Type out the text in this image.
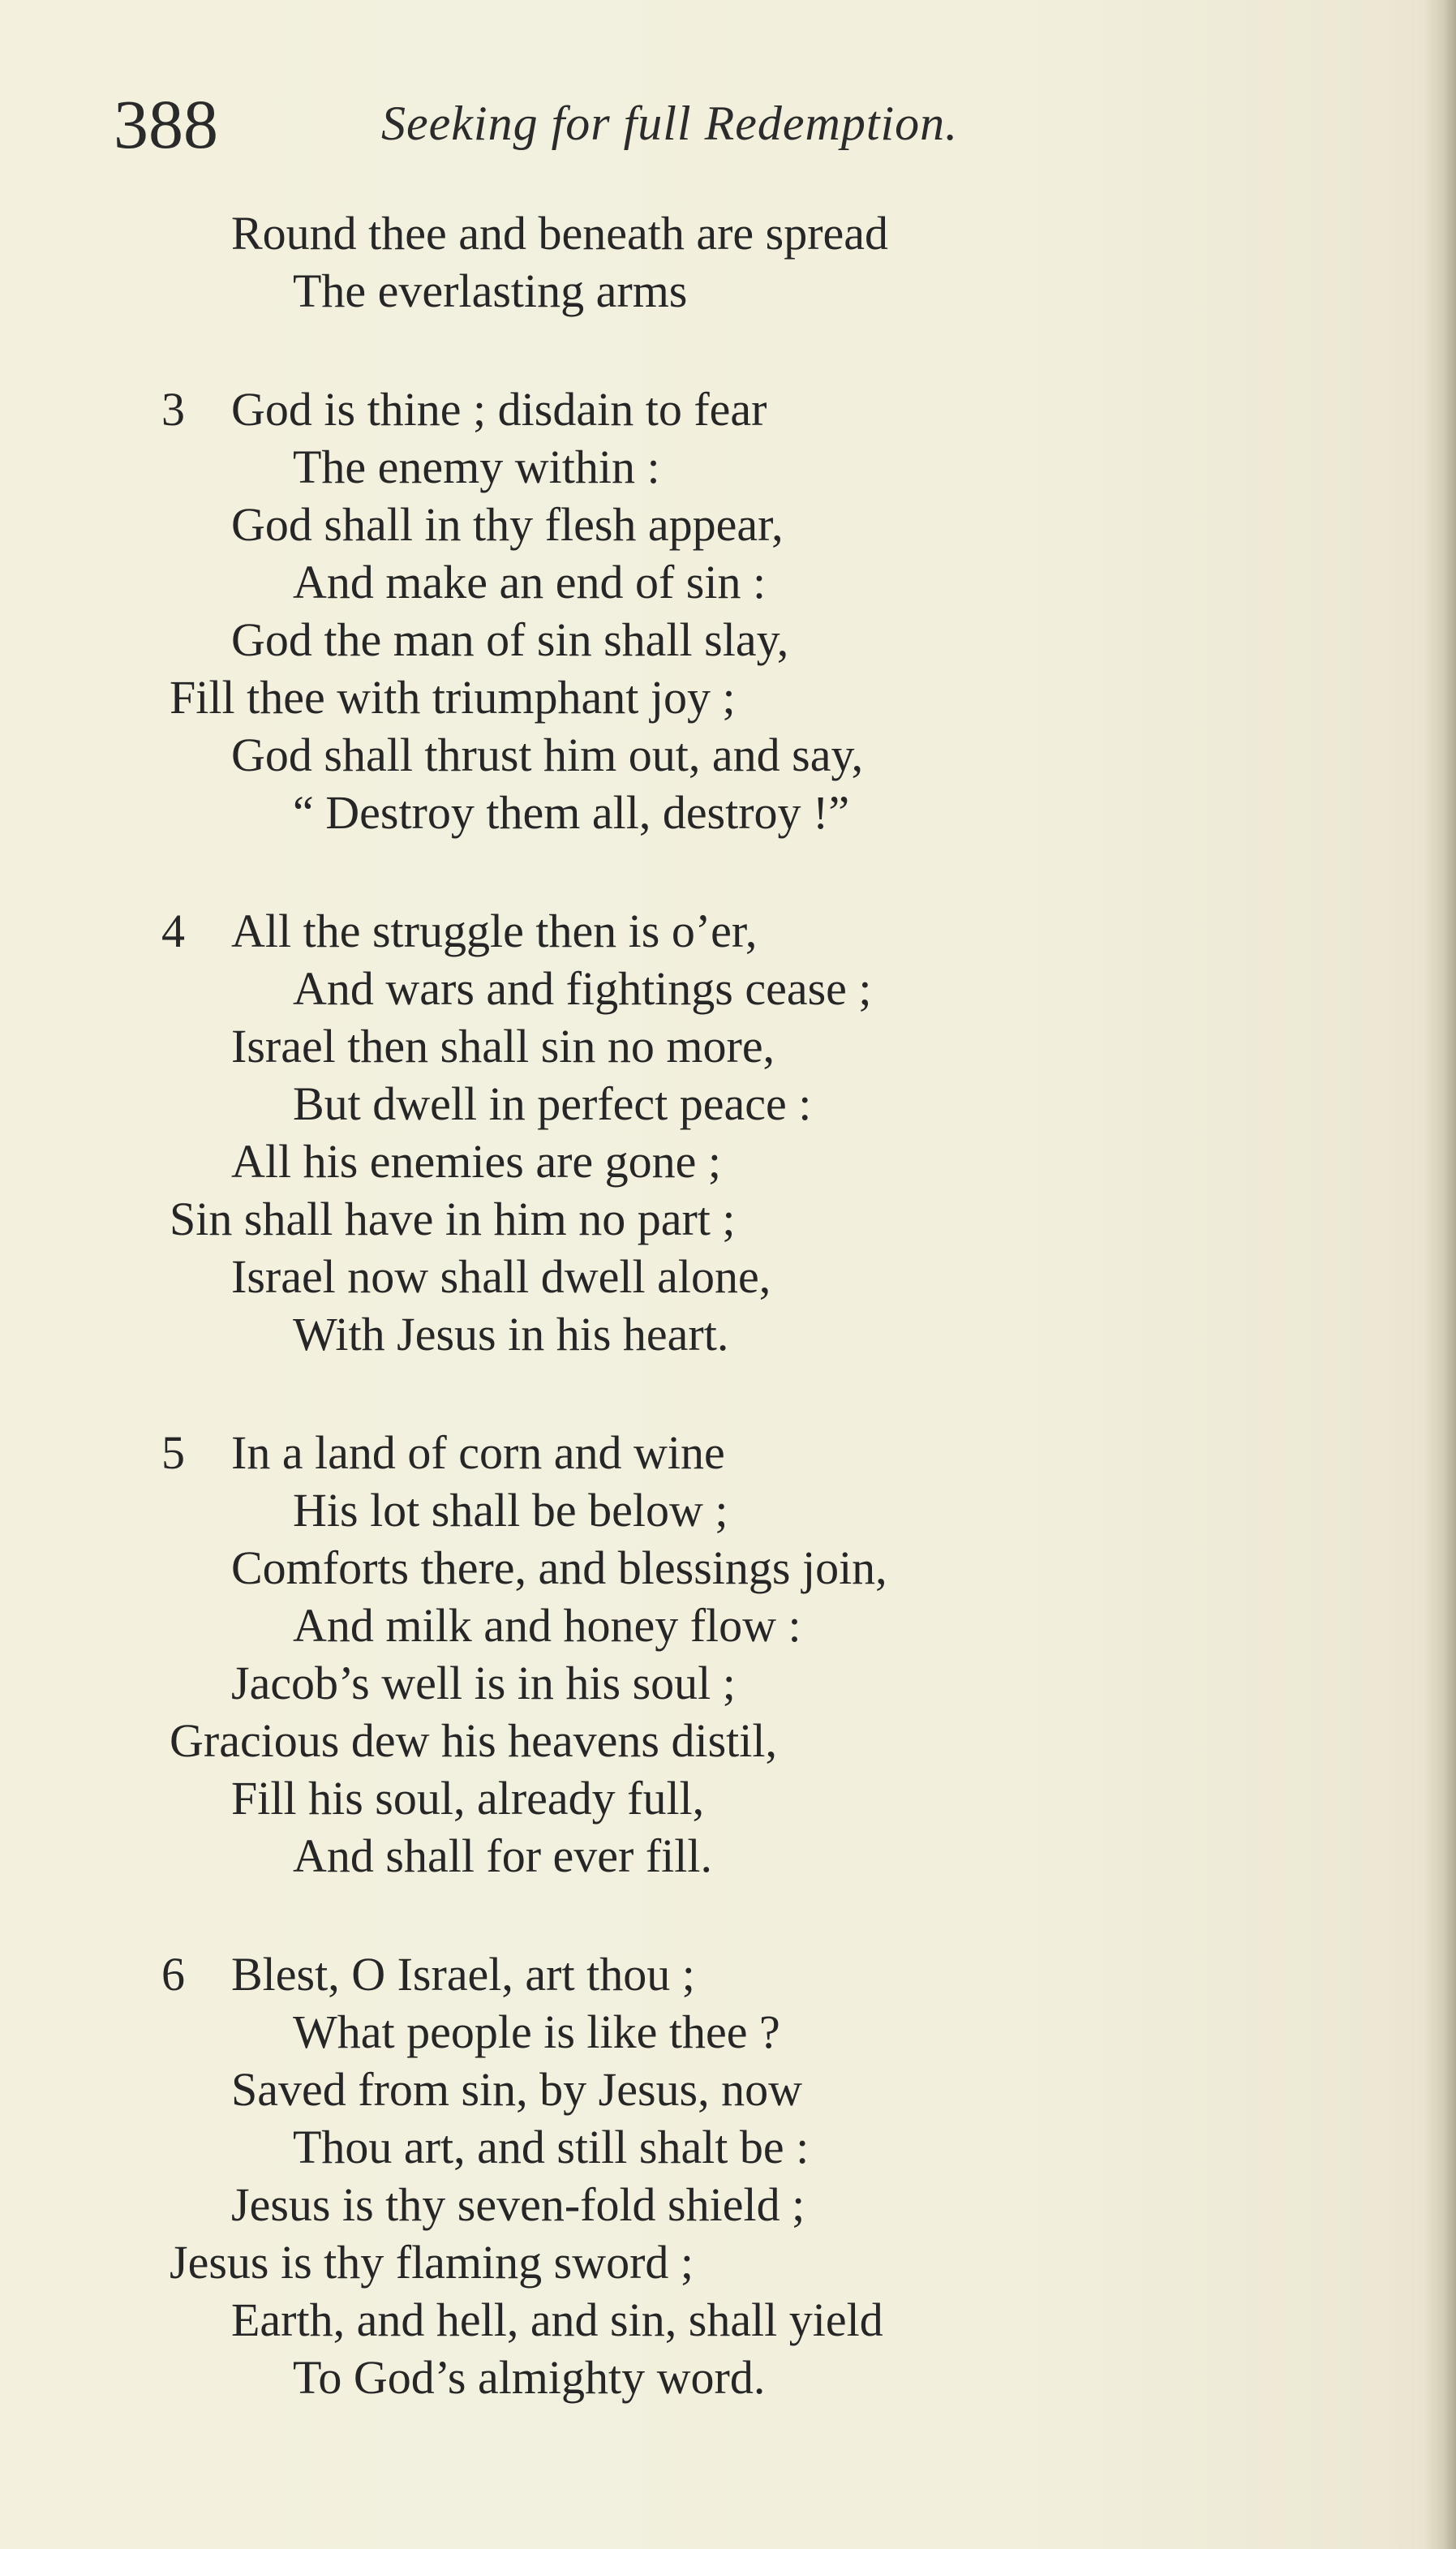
388	Seeking for full Redemption.
Round thee and beneath are spread
The everlasting arms
3 God is thine ; disdain to fear
The enemy within :
God shall in thy flesh appear,
And make an end of sin :
God the man of sin shall slay,
Fill thee with triumphant joy ;
God shall thrust him out, and say,
“ Destroy them all, destroy !”
4 All the struggle then is o’er,
And wars and fightings cease ;
Israel then shall sin no more,
But dwell in perfect peace :
All his enemies are gone ;
Sin shall have in him no part ;
Israel now shall dwell alone,
With Jesus in his heart.
5 In a land of corn and wine
His lot shall be below ;
Comforts there, and blessings join,
And milk and honey flow :
Jacob’s well is in his soul ;
Gracious dew his heavens distil,
Fill his soul, already full,
And shall for ever fill.
6 Blest, O Israel, art thou ;
What people is like thee ?
Saved from sin, by Jesus, now
Thou art, and still shalt be :
Jesus is thy seven-fold shield ;
Jesus is thy flaming sword ;
Earth, and hell, and sin, shall yield
To God’s almighty word.
